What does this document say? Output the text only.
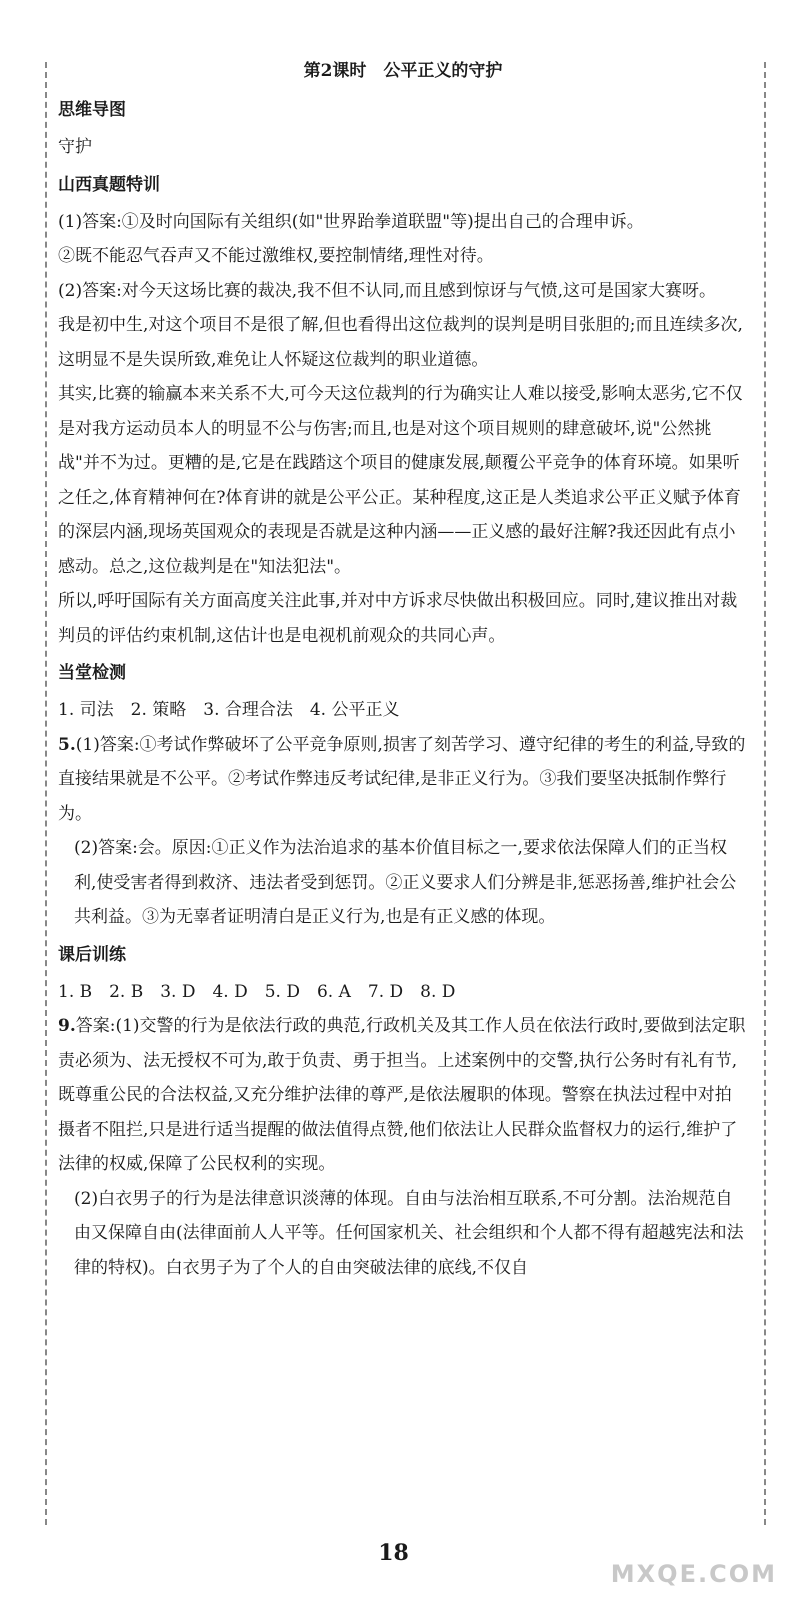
第2课时　公平正义的守护
思维导图

守护

山西真题特训

(1)答案:①及时向国际有关组织(如"世界跆拳道联盟"等)提出自己的合理申诉。

②既不能忍气吞声又不能过激维权,要控制情绪,理性对待。

(2)答案:对今天这场比赛的裁决,我不但不认同,而且感到惊讶与气愤,这可是国家大赛呀。

我是初中生,对这个项目不是很了解,但也看得出这位裁判的误判是明目张胆的;而且连续多次,这明显不是失误所致,难免让人怀疑这位裁判的职业道德。

其实,比赛的输赢本来关系不大,可今天这位裁判的行为确实让人难以接受,影响太恶劣,它不仅是对我方运动员本人的明显不公与伤害;而且,也是对这个项目规则的肆意破坏,说"公然挑战"并不为过。更糟的是,它是在践踏这个项目的健康发展,颠覆公平竞争的体育环境。如果听之任之,体育精神何在?体育讲的就是公平公正。某种程度,这正是人类追求公平正义赋予体育的深层内涵,现场英国观众的表现是否就是这种内涵——正义感的最好注解?我还因此有点小感动。总之,这位裁判是在"知法犯法"。

所以,呼吁国际有关方面高度关注此事,并对中方诉求尽快做出积极回应。同时,建议推出对裁判员的评估约束机制,这估计也是电视机前观众的共同心声。

当堂检测

1. 司法　2. 策略　3. 合理合法　4. 公平正义

5.(1)答案:①考试作弊破坏了公平竞争原则,损害了刻苦学习、遵守纪律的考生的利益,导致的直接结果就是不公平。②考试作弊违反考试纪律,是非正义行为。③我们要坚决抵制作弊行为。

(2)答案:会。原因:①正义作为法治追求的基本价值目标之一,要求依法保障人们的正当权利,使受害者得到救济、违法者受到惩罚。②正义要求人们分辨是非,惩恶扬善,维护社会公共利益。③为无辜者证明清白是正义行为,也是有正义感的体现。

课后训练

1. B　2. B　3. D　4. D　5. D　6. A　7. D　8. D

9.答案:(1)交警的行为是依法行政的典范,行政机关及其工作人员在依法行政时,要做到法定职责必须为、法无授权不可为,敢于负责、勇于担当。上述案例中的交警,执行公务时有礼有节,既尊重公民的合法权益,又充分维护法律的尊严,是依法履职的体现。警察在执法过程中对拍摄者不阻拦,只是进行适当提醒的做法值得点赞,他们依法让人民群众监督权力的运行,维护了法律的权威,保障了公民权利的实现。

(2)白衣男子的行为是法律意识淡薄的体现。自由与法治相互联系,不可分割。法治规范自由又保障自由(法律面前人人平等。任何国家机关、社会组织和个人都不得有超越宪法和法律的特权)。白衣男子为了个人的自由突破法律的底线,不仅自

18
MXQE.COM
